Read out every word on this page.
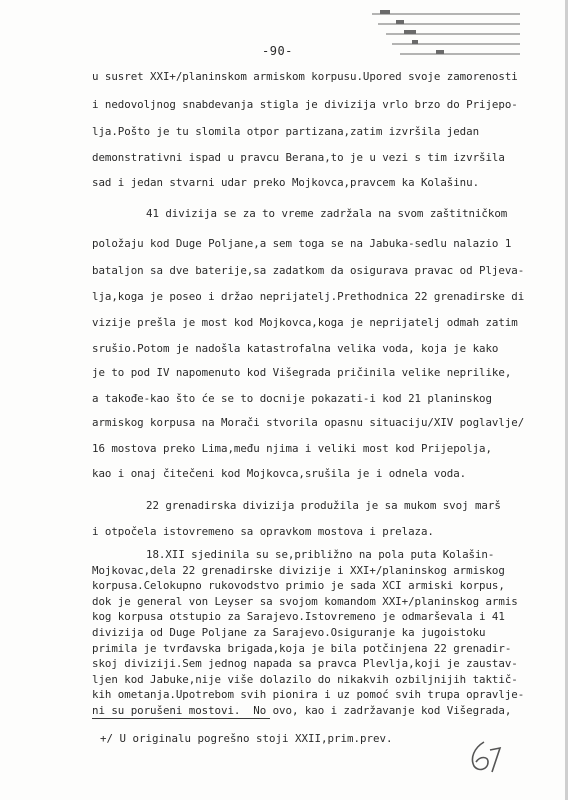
-90-
u susret XXI+/planinskom armiskom korpusu.Upored svoje zamorenosti
i nedovoljnog snabdevanja stigla je divizija vrlo brzo do Prijepo-
lja.Pošto je tu slomila otpor partizana,zatim izvršila jedan
demonstrativni ispad u pravcu Berana,to je u vezi s tim izvršila
sad i jedan stvarni udar preko Mojkovca,pravcem ka Kolašinu.
41 divizija se za to vreme zadržala na svom zaštitničkom
položaju kod Duge Poljane,a sem toga se na Jabuka-sedlu nalazio 1
bataljon sa dve baterije,sa zadatkom da osigurava pravac od Pljevа-
lja,koga je posео i držao neprijatelj.Prethodnica 22 grenadirske di
vizije prešla je most kod Mojkovca,koga je neprijatelj odmah zatim
srušio.Potom je nadošla katastrofalna velika voda, koja je kako
je to pod IV napomenuto kod Višegrada pričinila velike neprilike,
a takođe-kao što će se to docnije pokazati-i kod 21 planinskog
armiskog korpusa na Morači stvorila opasnu situaciju/XIV poglavlje/
16 mostova preko Lima,među njima i veliki most kod Prijepolja,
kao i onaj čitečeni kod Mojkovca,srušila je i odnela voda.
22 grenadirska divizija produžila je sa mukom svoj marš
i otpočela istovremeno sa opravkom mostova i prelaza.
18.XII sjedinila su se,približno na pola puta Kolašin-
Mojkovac,dela 22 grenadirske divizije i XXI+/planinskog armiskog
korpusa.Celokupno rukovodstvo primio je sada XCI armiski korpus,
dok je general von Leyser sa svojom komandom XXI+/planinskog armis
kog korpusa otstupio za Sarajevo.Istovremeno je odmarševala i 41
divizija od Duge Poljane za Sarajevo.Osiguranje ka jugoistoku
primila je tvrđavska brigada,koja je bila potčinjena 22 grenadir-
skoj diviziji.Sem jednog napada sa pravca Plevlja,koji je zaustav-
ljen kod Jabuke,nije više dolazilo do nikakvih ozbiljnijih taktič-
kih ometanja.Upotrebom svih pionira i uz pomoć svih trupa opravlje-
ni su porušeni mostovi.  No ovo, kao i zadržavanje kod Višegrada,
+/ U originalu pogrešno stoji XXII,prim.prev.
